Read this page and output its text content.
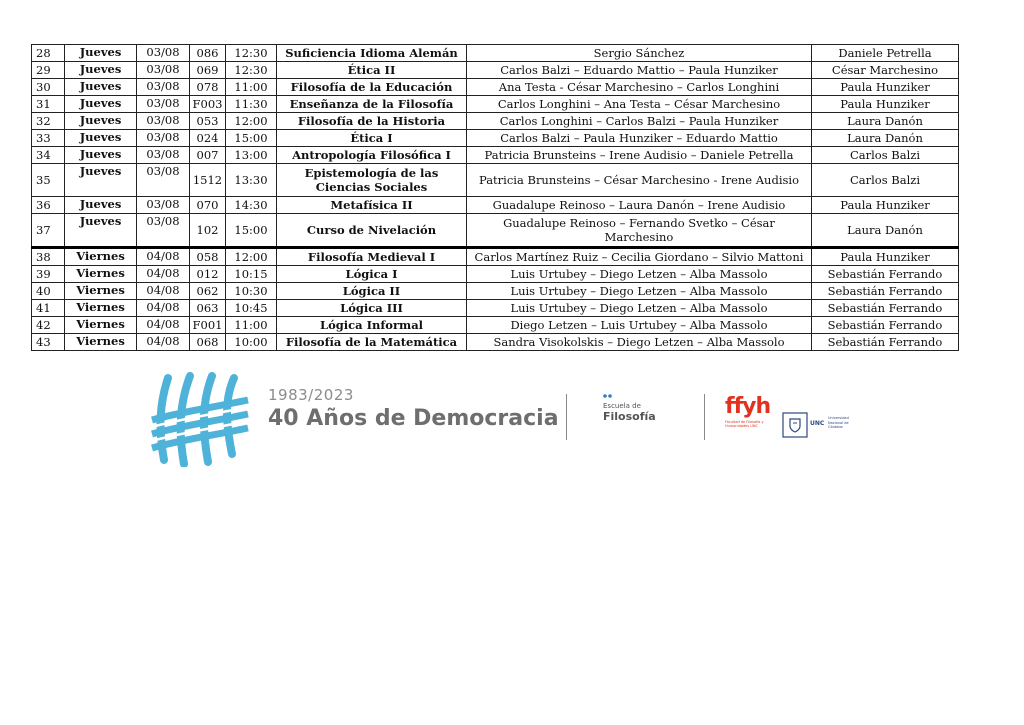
28	Jueves	03/08	086	12:30	Suficiencia Idioma Alemán	Sergio Sánchez	Daniele Petrella
29	Jueves	03/08	069	12:30	Ética II	Carlos Balzi – Eduardo Mattio – Paula Hunziker	César Marchesino
30	Jueves	03/08	078	11:00	Filosofía de la Educación	Ana Testa - César Marchesino – Carlos Longhini	Paula Hunziker
31	Jueves	03/08	F003	11:30	Enseñanza de la Filosofía	Carlos Longhini – Ana Testa – César Marchesino	Paula Hunziker
32	Jueves	03/08	053	12:00	Filosofía de la Historia	Carlos Longhini – Carlos Balzi – Paula Hunziker	Laura Danón
33	Jueves	03/08	024	15:00	Ética I	Carlos Balzi – Paula Hunziker – Eduardo Mattio	Laura Danón
34	Jueves	03/08	007	13:00	Antropología Filosófica I	Patricia Brunsteins – Irene Audisio – Daniele Petrella	Carlos Balzi
35	Jueves	03/08	1512	13:30	Epistemología de las Ciencias Sociales	Patricia Brunsteins – César Marchesino - Irene Audisio	Carlos Balzi
36	Jueves	03/08	070	14:30	Metafísica II	Guadalupe Reinoso – Laura Danón – Irene Audisio	Paula Hunziker
37	Jueves	03/08	102	15:00	Curso de Nivelación	Guadalupe Reinoso – Fernando Svetko – César Marchesino	Laura Danón
38	Viernes	04/08	058	12:00	Filosofía Medieval I	Carlos Martínez Ruiz – Cecilia Giordano – Silvio Mattoni	Paula Hunziker
39	Viernes	04/08	012	10:15	Lógica I	Luis Urtubey – Diego Letzen – Alba Massolo	Sebastián Ferrando
40	Viernes	04/08	062	10:30	Lógica II	Luis Urtubey – Diego Letzen – Alba Massolo	Sebastián Ferrando
41	Viernes	04/08	063	10:45	Lógica III	Luis Urtubey – Diego Letzen – Alba Massolo	Sebastián Ferrando
42	Viernes	04/08	F001	11:00	Lógica Informal	Diego Letzen – Luis Urtubey – Alba Massolo	Sebastián Ferrando
43	Viernes	04/08	068	10:00	Filosofía de la Matemática	Sandra Visokolskis – Diego Letzen – Alba Massolo	Sebastián Ferrando
1983/2023
40 Años de Democracia	Escuela de
Filosofía	ffyh
Facultad de Filosofía y Humanidades UNC	UNC
Universidad Nacional de Córdoba
